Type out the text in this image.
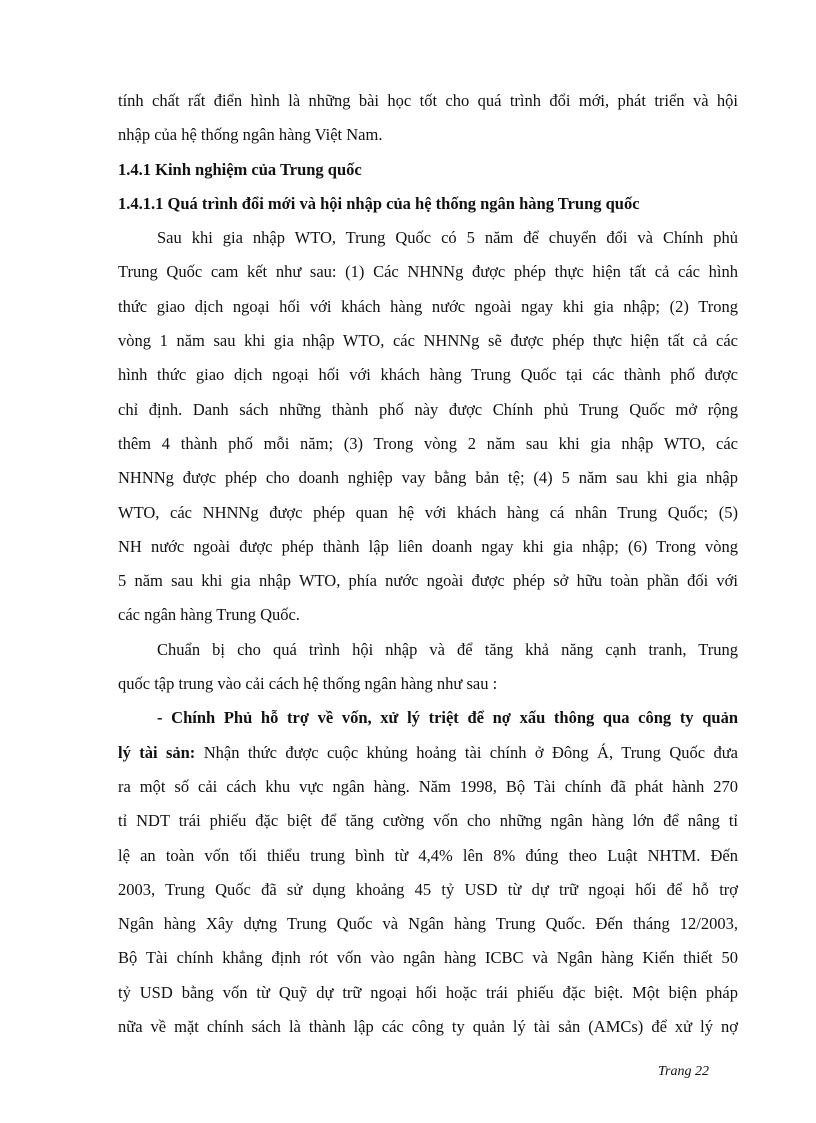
tính chất rất điển hình là những bài học tốt cho quá trình đổi mới, phát triển và hội
nhập của hệ thống ngân hàng Việt Nam.
1.4.1 Kinh nghiệm của Trung quốc
1.4.1.1 Quá trình đổi mới và hội nhập của hệ thống ngân hàng Trung quốc
Sau khi gia nhập WTO, Trung Quốc có 5 năm để chuyển đổi và Chính phủ
Trung Quốc cam kết như sau: (1) Các NHNNg được phép thực hiện tất cả các hình
thức giao dịch ngoại hối với khách hàng nước ngoài ngay khi gia nhập; (2) Trong
vòng 1 năm sau khi gia nhập WTO, các NHNNg sẽ được phép thực hiện tất cả các
hình thức giao dịch ngoại hối với khách hàng Trung Quốc tại các thành phố được
chỉ định. Danh sách những thành phố này được Chính phủ Trung Quốc mở rộng
thêm 4 thành phố mỗi năm; (3) Trong vòng 2 năm sau khi gia nhập WTO, các
NHNNg được phép cho doanh nghiệp vay bằng bản tệ; (4) 5 năm sau khi gia nhập
WTO, các NHNNg được phép quan hệ với khách hàng cá nhân Trung Quốc; (5)
NH nước ngoài được phép thành lập liên doanh ngay khi gia nhập; (6) Trong vòng
5 năm sau khi gia nhập WTO, phía nước ngoài được phép sở hữu toàn phần đối với
các ngân hàng Trung Quốc.
Chuẩn bị cho quá trình hội nhập và để tăng khả năng cạnh tranh, Trung
quốc tập trung vào cải cách hệ thống ngân hàng như sau :
- Chính Phủ hỗ trợ về vốn, xử lý triệt để nợ xấu thông qua công ty quản
lý tài sản: Nhận thức được cuộc khủng hoảng tài chính ở Đông Á, Trung Quốc đưa
ra một số cải cách khu vực ngân hàng. Năm 1998, Bộ Tài chính đã phát hành 270
tỉ NDT trái phiếu đặc biệt để tăng cường vốn cho những ngân hàng lớn để nâng tỉ
lệ an toàn vốn tối thiểu trung bình từ 4,4% lên 8% đúng theo Luật NHTM. Đến
2003, Trung Quốc đã sử dụng khoảng 45 tỷ USD từ dự trữ ngoại hối để hỗ trợ
Ngân hàng Xây dựng Trung Quốc và Ngân hàng Trung Quốc. Đến tháng 12/2003,
Bộ Tài chính khẳng định rót vốn vào ngân hàng ICBC và Ngân hàng Kiến thiết 50
tỷ USD bằng vốn từ Quỹ dự trữ ngoại hối hoặc trái phiếu đặc biệt. Một biện pháp
nữa về mặt chính sách là thành lập các công ty quản lý tài sản (AMCs) để xử lý nợ
Trang 22
